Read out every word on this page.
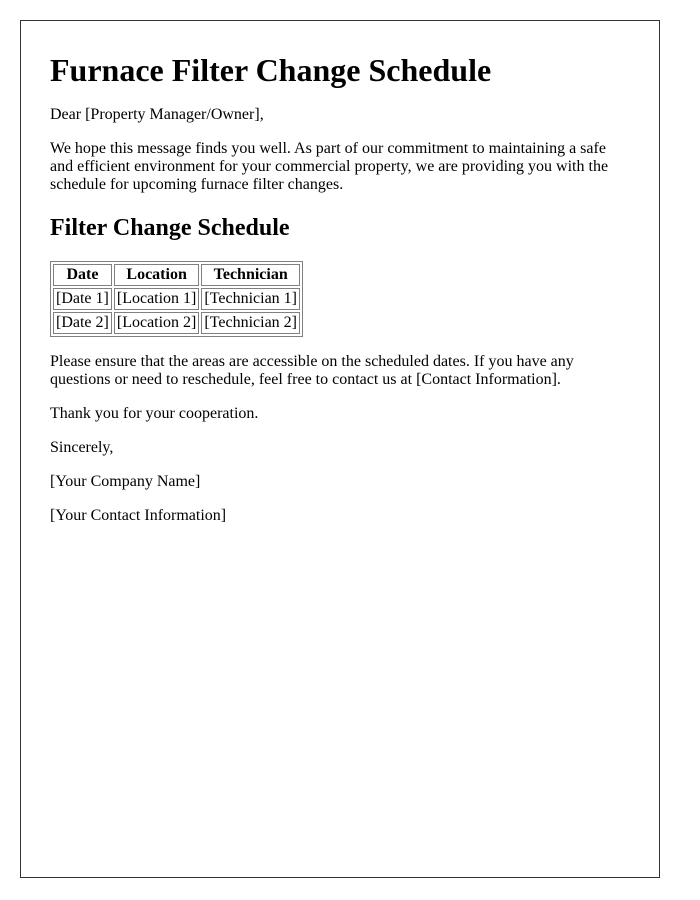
Furnace Filter Change Schedule

Dear [Property Manager/Owner],

We hope this message finds you well. As part of our commitment to maintaining a safe and efficient environment for your commercial property, we are providing you with the schedule for upcoming furnace filter changes.

Filter Change Schedule
Date	Location	Technician
[Date 1]	[Location 1]	[Technician 1]
[Date 2]	[Location 2]	[Technician 2]

Please ensure that the areas are accessible on the scheduled dates. If you have any questions or need to reschedule, feel free to contact us at [Contact Information].

Thank you for your cooperation.

Sincerely,

[Your Company Name]

[Your Contact Information]
